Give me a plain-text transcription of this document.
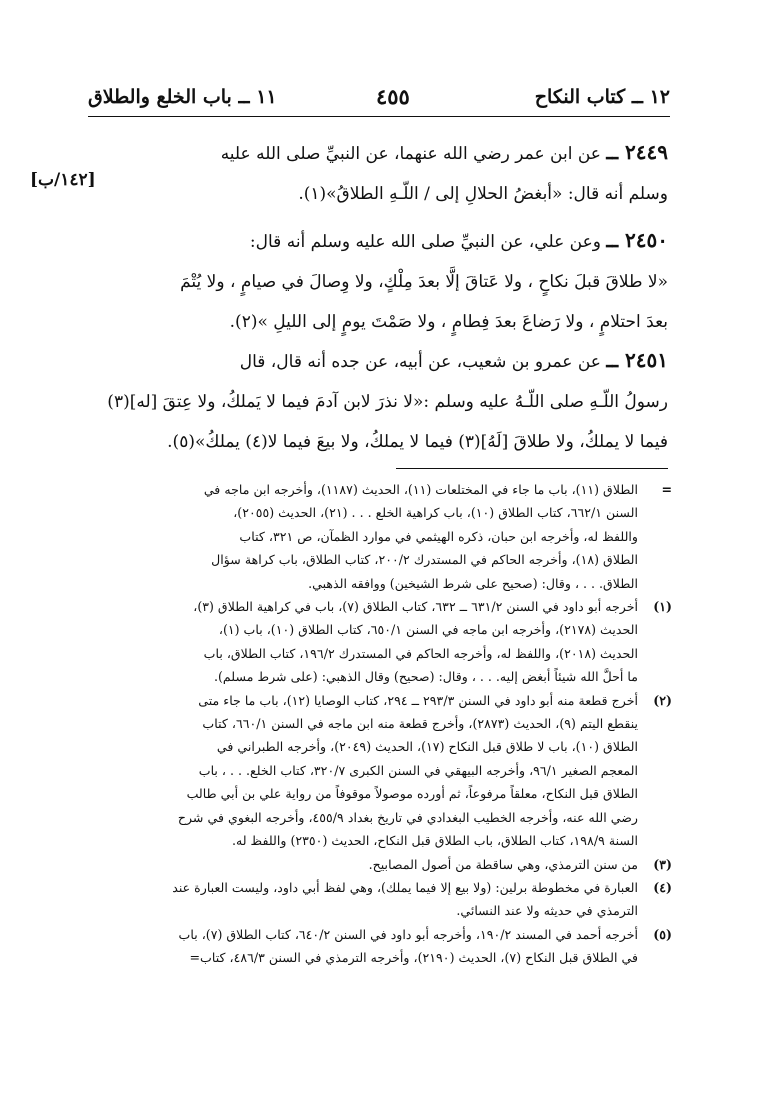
١٢ ــ كتاب النكاح
٤٥٥
١١ ــ باب الخلع والطلاق
[١٤٢/ب]
٢٤٤٩ ــ عن ابن عمر رضي الله عنهما، عن النبيِّ صلى الله عليه
وسلم أنه قال: «أبغضُ الحلالِ إلى / اللّـهِ الطلاقُ»(١).
٢٤٥٠ ــ وعن علي، عن النبيِّ صلى الله عليه وسلم أنه قال:
«لا طلاقَ قبلَ نكاحٍ ، ولا عَتاقَ إلَّا بعدَ مِلْكٍ، ولا وِصالَ في صيامٍ ، ولا يُتْمَ
بعدَ احتلامٍ ، ولا رَضاعَ بعدَ فِطامٍ ، ولا صَمْتَ يومٍ إلى الليلِ »(٢).
٢٤٥١ ــ عن عمرو بن شعيب، عن أبيه، عن جده أنه قال، قال
رسولُ اللّـهِ صلى اللّـهُ عليه وسلم :«لا نذرَ لابن آدمَ فيما لا يَملكُ، ولا عِتقَ [له](٣)
فيما لا يملكُ، ولا طلاقَ [لَهُ](٣) فيما لا يملكُ، ولا بيعَ فيما لا(٤) يملكُ»(٥).
=
الطلاق (١١)، باب ما جاء في المختلعات (١١)، الحديث (١١٨٧)، وأخرجه ابن ماجه في
السنن ٦٦٢/١، كتاب الطلاق (١٠)، باب كراهية الخلع . . . (٢١)، الحديث (٢٠٥٥)،
واللفظ له، وأخرجه ابن حبان، ذكره الهيثمي في موارد الظمآن، ص ٣٢١، كتاب
الطلاق (١٨)، وأخرجه الحاكم في المستدرك ٢٠٠/٢، كتاب الطلاق، باب كراهة سؤال
الطلاق. . . ، وقال: (صحيح على شرط الشيخين) ووافقه الذهبي.
(١)
أخرجه أبو داود في السنن ٦٣١/٢ ــ ٦٣٢، كتاب الطلاق (٧)، باب في كراهية الطلاق (٣)،
الحديث (٢١٧٨)، وأخرجه ابن ماجه في السنن ٦٥٠/١، كتاب الطلاق (١٠)، باب (١)،
الحديث (٢٠١٨)، واللفظ له، وأخرجه الحاكم في المستدرك ١٩٦/٢، كتاب الطلاق، باب
ما أحلَّ الله شيئاً أبغض إليه. . . ، وقال: (صحيح) وقال الذهبي: (على شرط مسلم).
(٢)
أخرج قطعة منه أبو داود في السنن ٢٩٣/٣ ــ ٢٩٤، كتاب الوصايا (١٢)، باب ما جاء متى
ينقطع اليتم (٩)، الحديث (٢٨٧٣)، وأخرج قطعة منه ابن ماجه في السنن ٦٦٠/١، كتاب
الطلاق (١٠)، باب لا طلاق قبل النكاح (١٧)، الحديث (٢٠٤٩)، وأخرجه الطبراني في
المعجم الصغير ٩٦/١، وأخرجه البيهقي في السنن الكبرى ٣٢٠/٧، كتاب الخلع. . . ، باب
الطلاق قبل النكاح، معلقاً مرفوعاً، ثم أورده موصولاً موقوفاً من رواية علي بن أبي طالب
رضي الله عنه، وأخرجه الخطيب البغدادي في تاريخ بغداد ٤٥٥/٩، وأخرجه البغوي في شرح
السنة ١٩٨/٩، كتاب الطلاق، باب الطلاق قبل النكاح، الحديث (٢٣٥٠) واللفظ له.
(٣)
من سنن الترمذي، وهي ساقطة من أصول المصابيح.
(٤)
العبارة في مخطوطة برلين: (ولا بيع إلا فيما يملك)، وهي لفظ أبي داود، وليست العبارة عند
الترمذي في حديثه ولا عند النسائي.
(٥)
أخرجه أحمد في المسند ١٩٠/٢، وأخرجه أبو داود في السنن ٦٤٠/٢، كتاب الطلاق (٧)، باب
في الطلاق قبل النكاح (٧)، الحديث (٢١٩٠)، وأخرجه الترمذي في السنن ٤٨٦/٣، كتاب=
